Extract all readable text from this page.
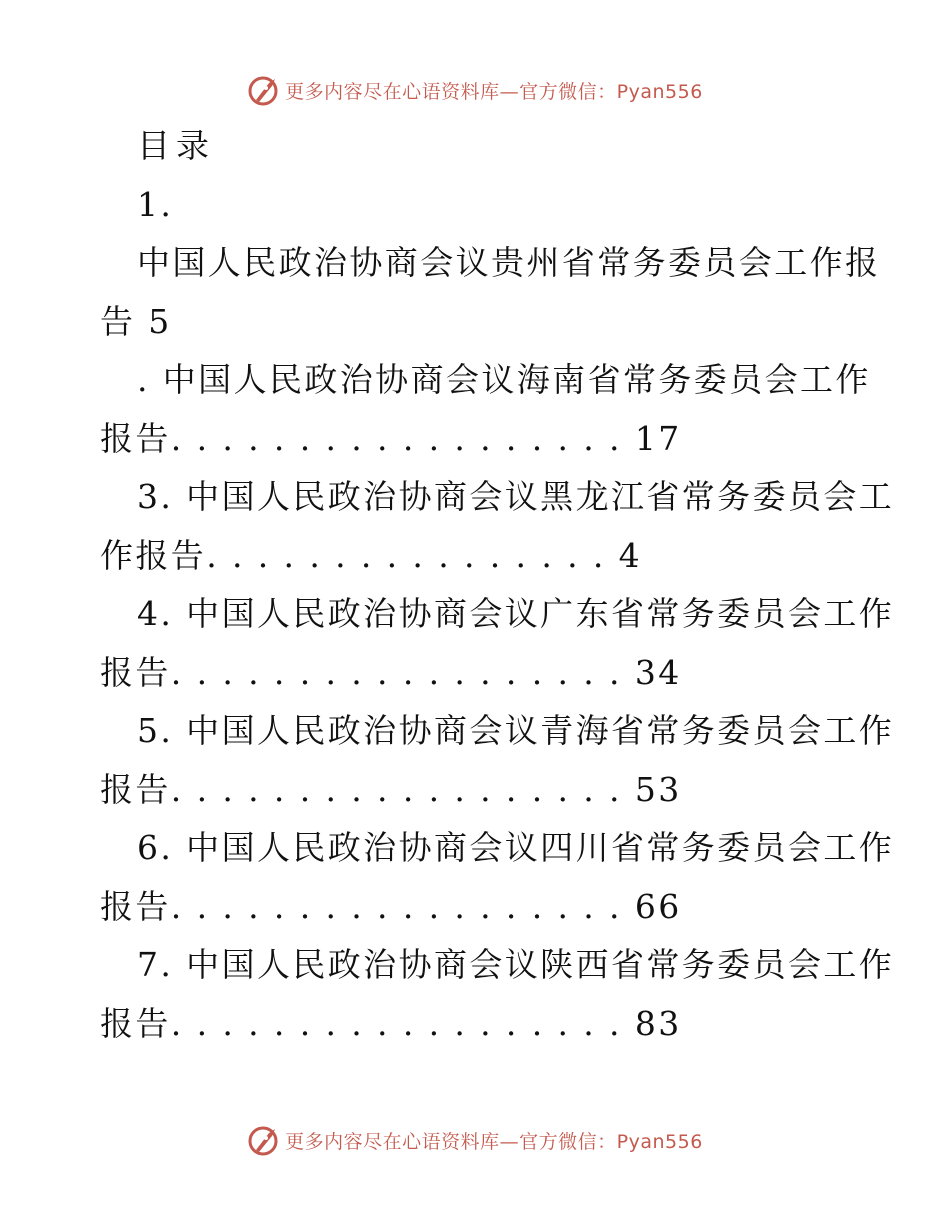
更多内容尽在心语资料库—官方微信：Pyan556
目录
1.
中国人民政治协商会议贵州省常务委员会工作报
告 5
. 中国人民政治协商会议海南省常务委员会工作
报告. . . . . . . . . . . . . . . . . . 17
3. 中国人民政治协商会议黑龙江省常务委员会工
作报告. . . . . . . . . . . . . . . . 4
4. 中国人民政治协商会议广东省常务委员会工作
报告. . . . . . . . . . . . . . . . . . 34
5. 中国人民政治协商会议青海省常务委员会工作
报告. . . . . . . . . . . . . . . . . . 53
6. 中国人民政治协商会议四川省常务委员会工作
报告. . . . . . . . . . . . . . . . . . 66
7. 中国人民政治协商会议陕西省常务委员会工作
报告. . . . . . . . . . . . . . . . . . 83
更多内容尽在心语资料库—官方微信：Pyan556
